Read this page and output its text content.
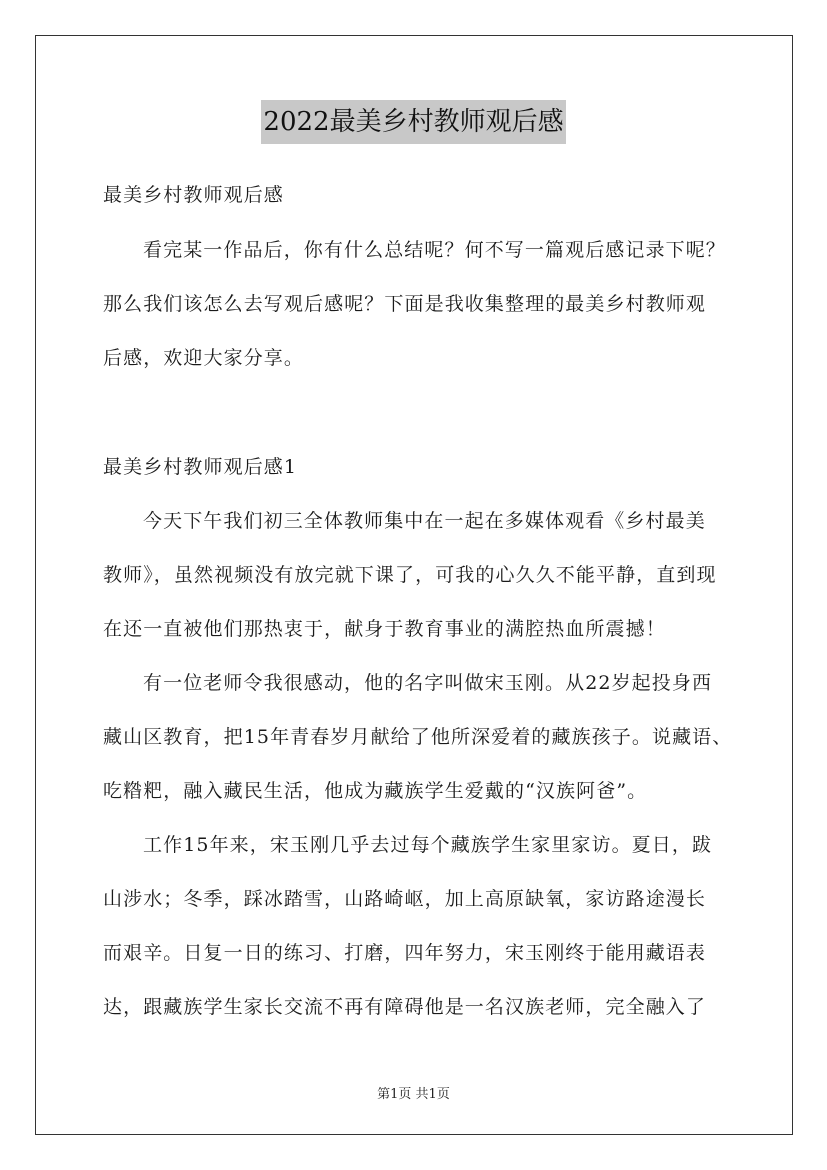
2022最美乡村教师观后感
最美乡村教师观后感
看完某一作品后，你有什么总结呢？何不写一篇观后感记录下呢？
那么我们该怎么去写观后感呢？下面是我收集整理的最美乡村教师观
后感，欢迎大家分享。
最美乡村教师观后感1
今天下午我们初三全体教师集中在一起在多媒体观看《乡村最美
教师》，虽然视频没有放完就下课了，可我的心久久不能平静，直到现
在还一直被他们那热衷于，献身于教育事业的满腔热血所震撼！
有一位老师令我很感动，他的名字叫做宋玉刚。从22岁起投身西
藏山区教育，把15年青春岁月献给了他所深爱着的藏族孩子。说藏语、
吃糌粑，融入藏民生活，他成为藏族学生爱戴的“汉族阿爸”。
工作15年来，宋玉刚几乎去过每个藏族学生家里家访。夏日，跋
山涉水；冬季，踩冰踏雪，山路崎岖，加上高原缺氧，家访路途漫长
而艰辛。日复一日的练习、打磨，四年努力，宋玉刚终于能用藏语表
达，跟藏族学生家长交流不再有障碍他是一名汉族老师，完全融入了
第1页 共1页
